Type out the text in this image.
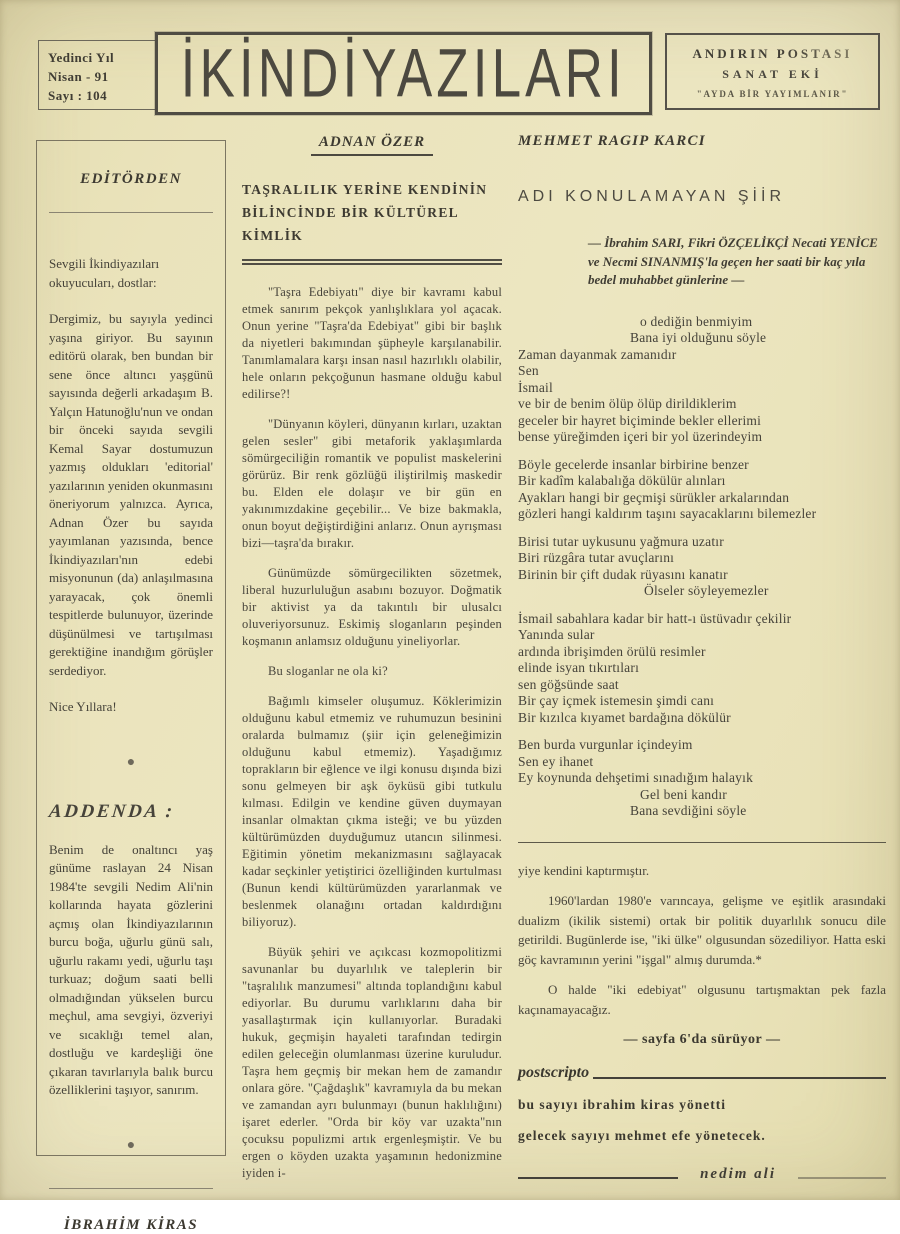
Yedinci Yıl
Nisan - 91
Sayı : 104	İKİNDİYAZILARI	ANDIRIN POSTASI
SANAT EKİ
"AYDA BİR YAYIMLANIR"
EDİTÖRDEN

Sevgili İkindiyazıları okuyucuları, dostlar:

Dergimiz, bu sayıyla yedinci yaşına giriyor. Bu sayının editörü olarak, ben bundan bir sene önce altıncı yaşgünü sayısında değerli arkadaşım B. Yalçın Hatunoğlu'nun ve ondan bir önceki sayıda sevgili Kemal Sayar dostumuzun yazmış oldukları 'editorial' yazılarının yeniden okunmasını öneriyorum yalnızca. Ayrıca, Adnan Özer bu sayıda yayımlanan yazısında, bence İkindiyazıları'nın edebi misyonunun (da) anlaşılmasına yarayacak, çok önemli tespitlerde bulunuyor, üzerinde düşünülmesi ve tartışılması gerektiğine inandığım görüşler serdediyor.

Nice Yıllara!

●
ADDENDA :

Benim de onaltıncı yaş günüme raslayan 24 Nisan 1984'te sevgili Nedim Ali'nin kollarında hayata gözlerini açmış olan İkindiyazılarının burcu boğa, uğurlu günü salı, uğurlu rakamı yedi, uğurlu taşı turkuaz; doğum saati belli olmadığından yükselen burcu meçhul, ama sevgiyi, özveriyi ve sıcaklığı temel alan, dostluğu ve kardeşliği öne çıkaran tavırlarıyla balık burcu özelliklerini taşıyor, sanırım.

●
İBRAHİM KİRAS
ADNAN ÖZER
TAŞRALILIK YERİNE KENDİNİN BİLİNCİNDE BİR KÜLTÜREL KİMLİK

"Taşra Edebiyatı" diye bir kavramı kabul etmek sanırım pekçok yanlışlıklara yol açacak. Onun yerine "Taşra'da Edebiyat" gibi bir başlık da niyetleri bakımından şüpheyle karşılanabilir. Tanımlamalara karşı insan nasıl hazırlıklı olabilir, hele onların pekçoğunun hasmane olduğu kabul edilirse?!

"Dünyanın köyleri, dünyanın kırları, uzaktan gelen sesler" gibi metaforik yaklaşımlarda sömürgeciliğin romantik ve populist maskelerini görürüz. Bir renk gözlüğü iliştirilmiş maskedir bu. Elden ele dolaşır ve bir gün en yakınımızdakine geçebilir... Ve bize bakmakla, onun boyut değiştirdiğini anlarız. Onun ayrışması bizi—taşra'da bırakır.

Günümüzde sömürgecilikten sözetmek, liberal huzurluluğun asabını bozuyor. Doğmatik bir aktivist ya da takıntılı bir ulusalcı oluveriyorsunuz. Eskimiş sloganların peşinden koşmanın anlamsız olduğunu yineliyorlar.

Bu sloganlar ne ola ki?

Bağımlı kimseler oluşumuz. Köklerimizin olduğunu kabul etmemiz ve ruhumuzun besinini oralarda bulmamız (şiir için geleneğimizin olduğunu kabul etmemiz). Yaşadığımız toprakların bir eğlence ve ilgi konusu dışında bizi sonu gelmeyen bir aşk öyküsü gibi tutkulu kılması. Edilgin ve kendine güven duymayan insanlar olmaktan çıkma isteği; ve bu yüzden kültürümüzden duyduğumuz utancın silinmesi. Eğitimin yönetim mekanizmasını sağlayacak kadar seçkinler yetiştirici özelliğinden kurtulması (Bunun kendi kültürümüzden yararlanmak ve beslenmek olanağını ortadan kaldırdığını biliyoruz).

Büyük şehiri ve açıkcası kozmopolitizmi savunanlar bu duyarlılık ve taleplerin bir "taşralılık manzumesi" altında toplandığını kabul ediyorlar. Bu durumu varlıklarını daha bir yasallaştırmak için kullanıyorlar. Buradaki hukuk, geçmişin hayaleti tarafından tedirgin edilen geleceğin olumlanması üzerine kuruludur. Taşra hem geçmiş bir mekan hem de zamandır onlara göre. "Çağdaşlık" kavramıyla da bu mekan ve zamandan ayrı bulunmayı (bunun haklılığını) işaret ederler. "Orda bir köy var uzakta"nın çocuksu populizmi artık ergenleşmiştir. Ve bu ergen o köyden uzakta yaşamının hedonizmine iyiden i-

MEHMET RAGIP KARCI
ADI KONULAMAYAN ŞİİR
— İbrahim SARI, Fikri ÖZÇELİKÇİ Necati YENİCE ve Necmi SINANMIŞ'la geçen her saati bir kaç yıla bedel muhabbet günlerine —
o dediğin benmiyim
Bana iyi olduğunu söyle
Zaman dayanmak zamanıdır
Sen
İsmail
ve bir de benim ölüp ölüp dirildiklerim
geceler bir hayret biçiminde bekler ellerimi
bense yüreğimden içeri bir yol üzerindeyim
Böyle gecelerde insanlar birbirine benzer
Bir kadîm kalabalığa dökülür alınları
Ayakları hangi bir geçmişi sürükler arkalarından
gözleri hangi kaldırım taşını sayacaklarını bilemezler
Birisi tutar uykusunu yağmura uzatır
Biri rüzgâra tutar avuçlarını
Birinin bir çift dudak rüyasını kanatır
Ölseler söyleyemezler
İsmail sabahlara kadar bir hatt-ı üstüvadır çekilir
Yanında sular
ardında ibrişimden örülü resimler
elinde isyan tıkırtıları
sen göğsünde saat
Bir çay içmek istemesin şimdi canı
Bir kızılca kıyamet bardağına dökülür
Ben burda vurgunlar içindeyim
Sen ey ihanet
Ey koynunda dehşetimi sınadığım halayık
Gel beni kandır
Bana sevdiğini söyle

yiye kendini kaptırmıştır.

1960'lardan 1980'e varıncaya, gelişme ve eşitlik arasındaki dualizm (ikilik sistemi) ortak bir politik duyarlılık sonucu dile getirildi. Bugünlerde ise, "iki ülke" olgusundan sözediliyor. Hatta eski göç kavramının yerini "işgal" almış durumda.*

O halde "iki edebiyat" olgusunu tartışmaktan pek fazla kaçınamayacağız.

— sayfa 6'da sürüyor —
postscripto
bu sayıyı ibrahim kiras yönetti
gelecek sayıyı mehmet efe yönetecek.
nedim ali
